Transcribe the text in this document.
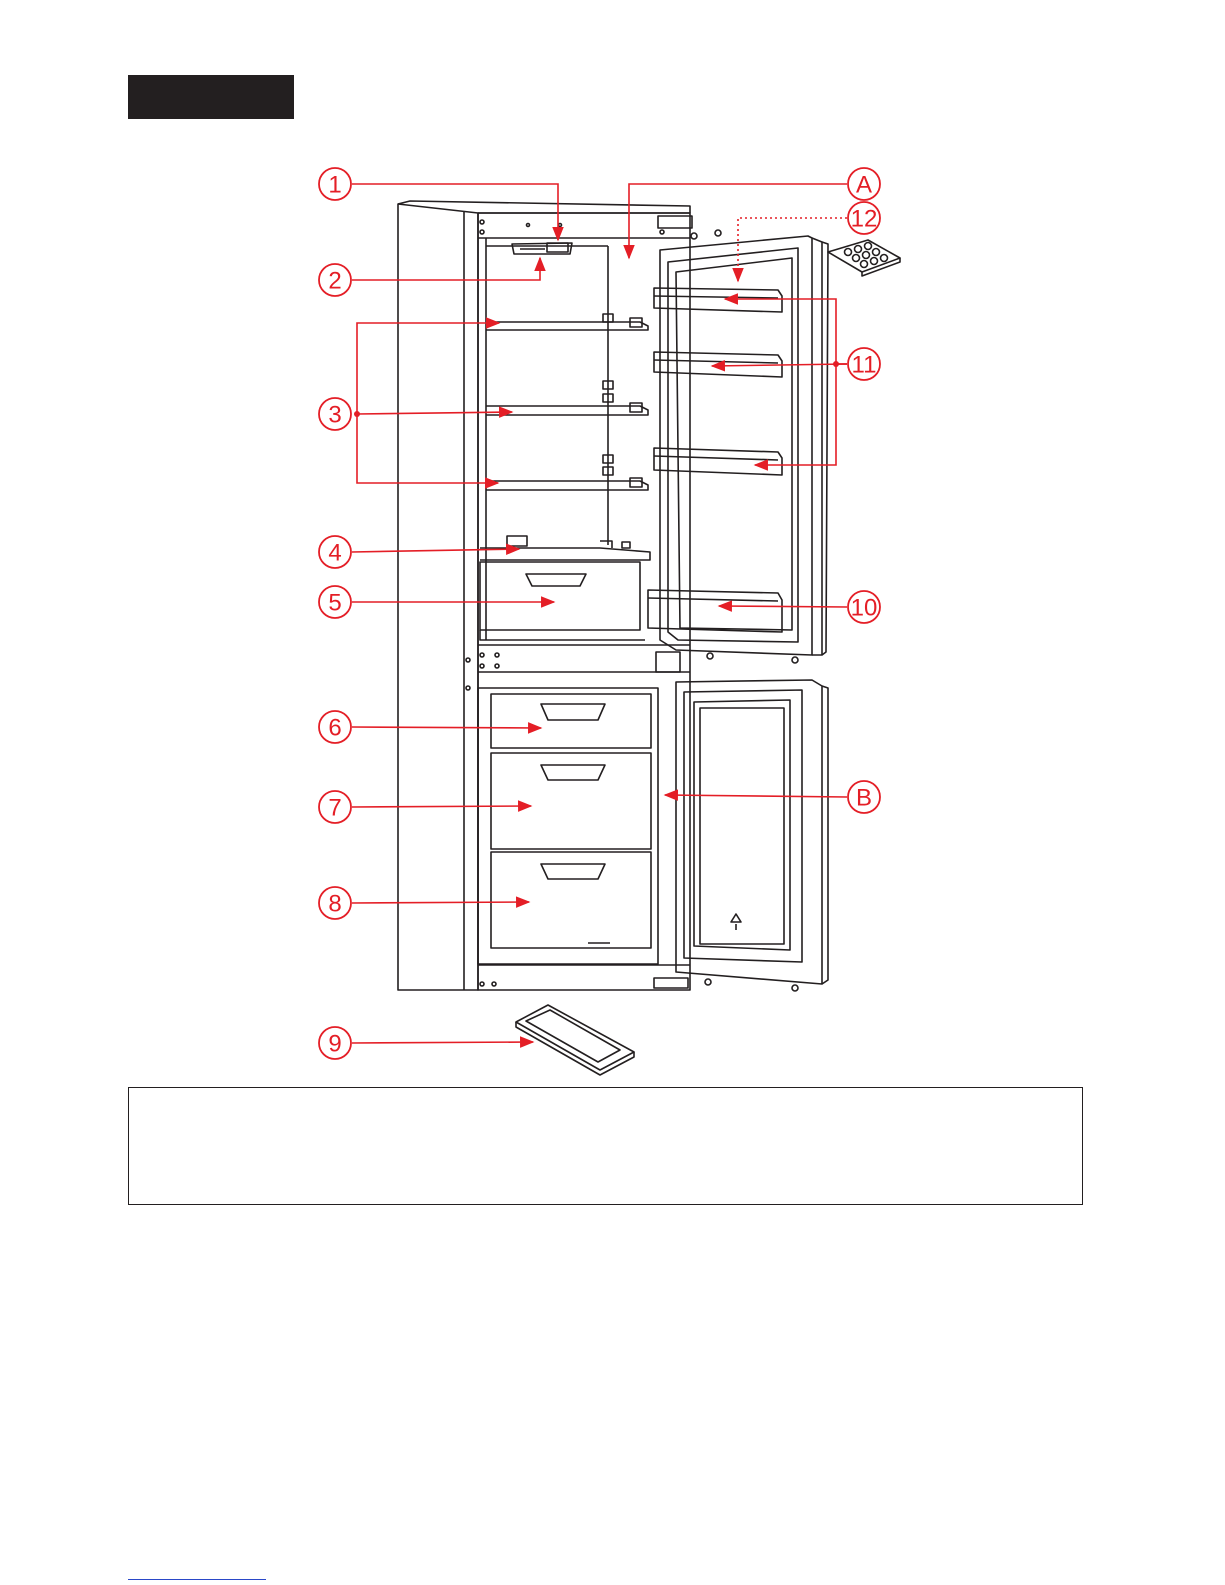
1
2
3
4
5
6
7
8
9
10
11
12
A
B
